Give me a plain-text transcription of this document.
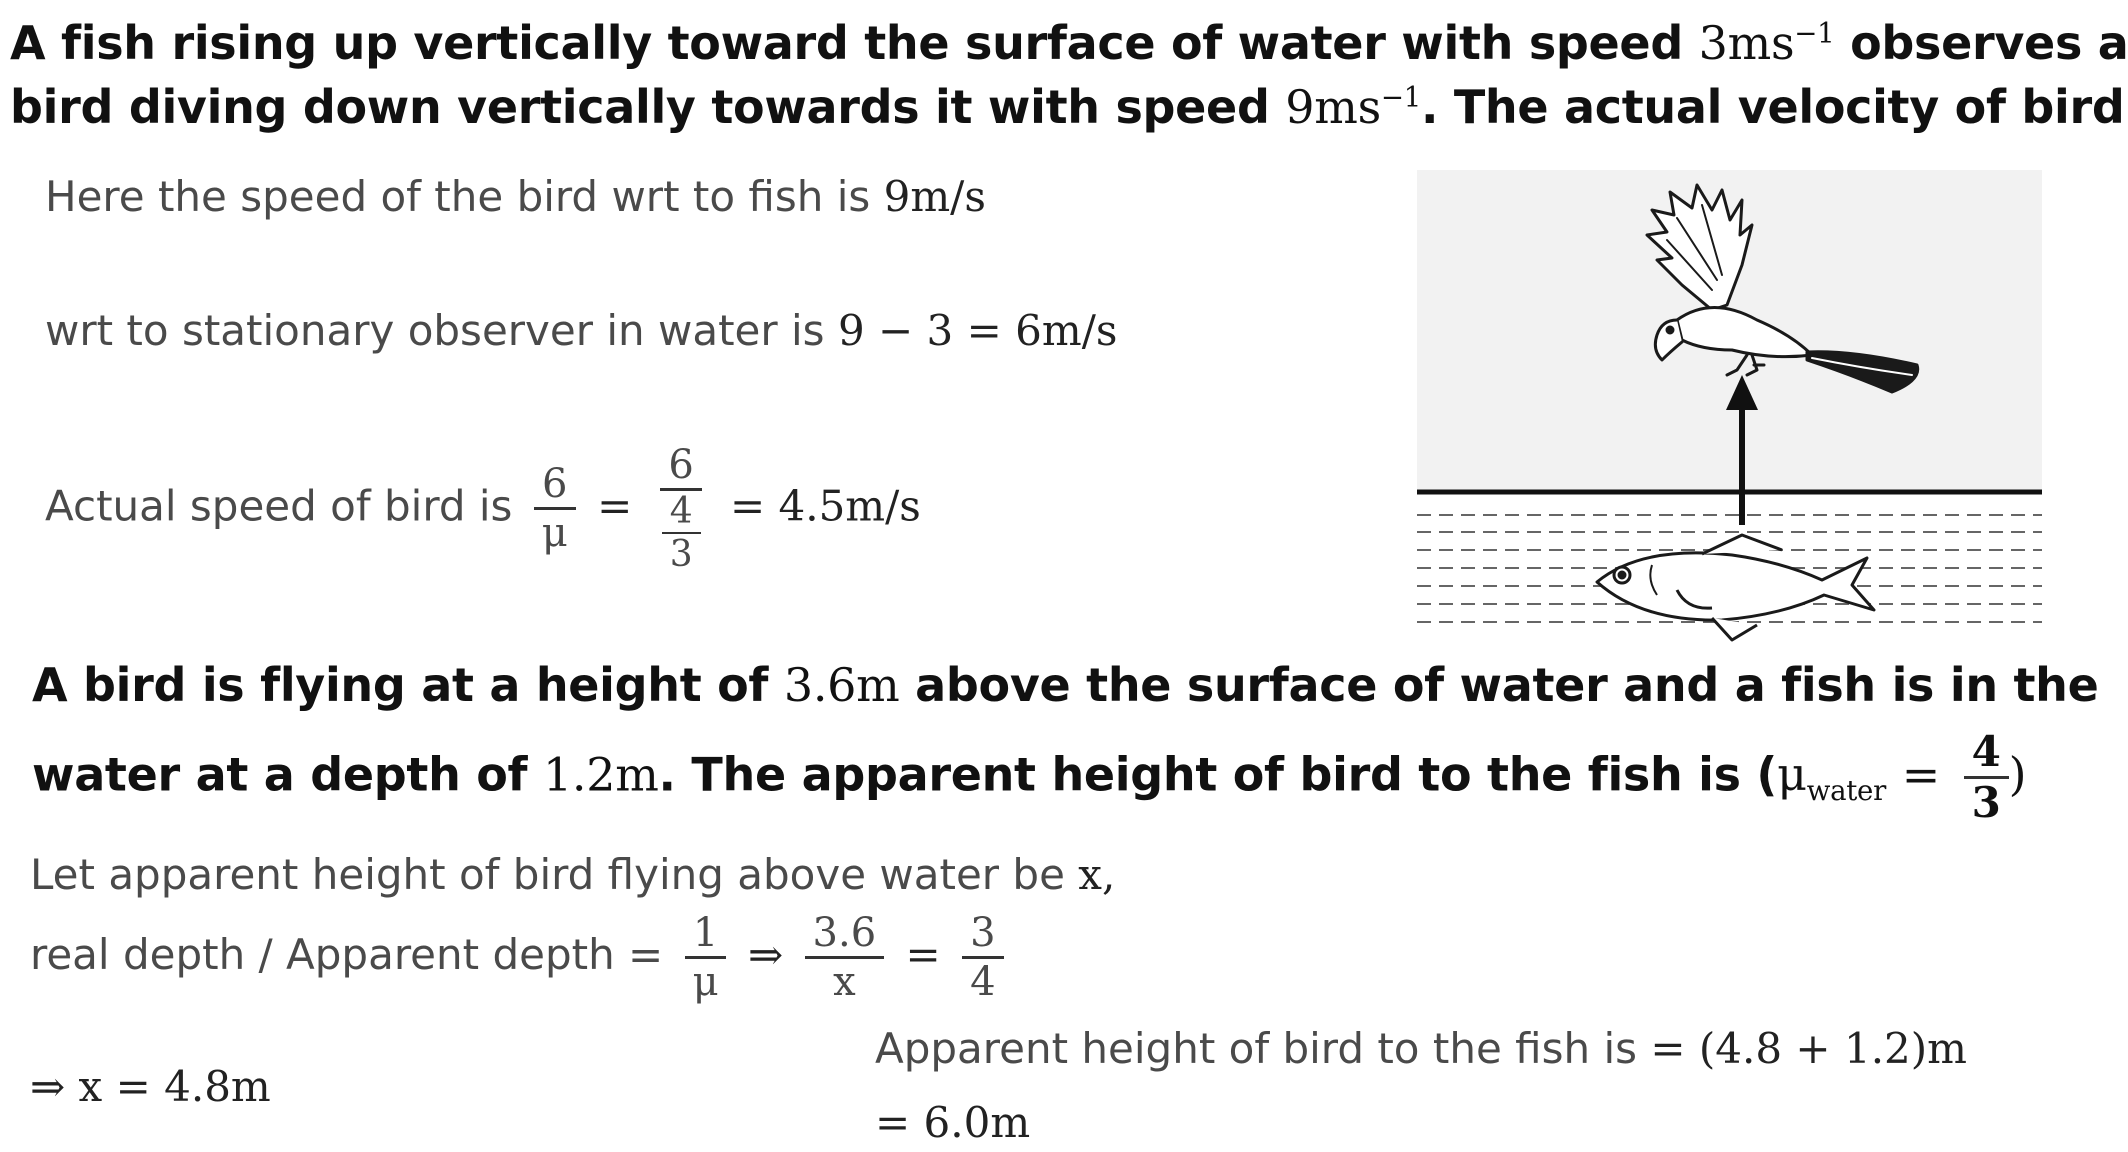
A fish rising up vertically toward the surface of water with speed $3ms^{-1}$ observes a
bird diving down vertically towards it with speed $9ms^{-1}$. The actual velocity of bird
Here the speed of the bird wrt to fish is 9m/s
wrt to stationary observer in water is 9 − 3 = 6m/s
Actual speed of bird is $\frac{6}{\mu} = \frac{6}{\frac{4}{3}} = 4.5m/s$
A bird is flying at a height of 3.6m above the surface of water and a fish is in the
water at a depth of 1.2m. The apparent height of bird to the fish is ($\mu_{water} = \frac{4}{3}$ )
Let apparent height of bird flying above water be x,
real depth / Apparent depth = $\frac{1}{\mu}$ ⇒ $\frac{3.6}{x} = \frac{3}{4}$
⇒ x = 4.8m
Apparent height of bird to the fish is = (4.8 + 1.2)m
= 6.0m
